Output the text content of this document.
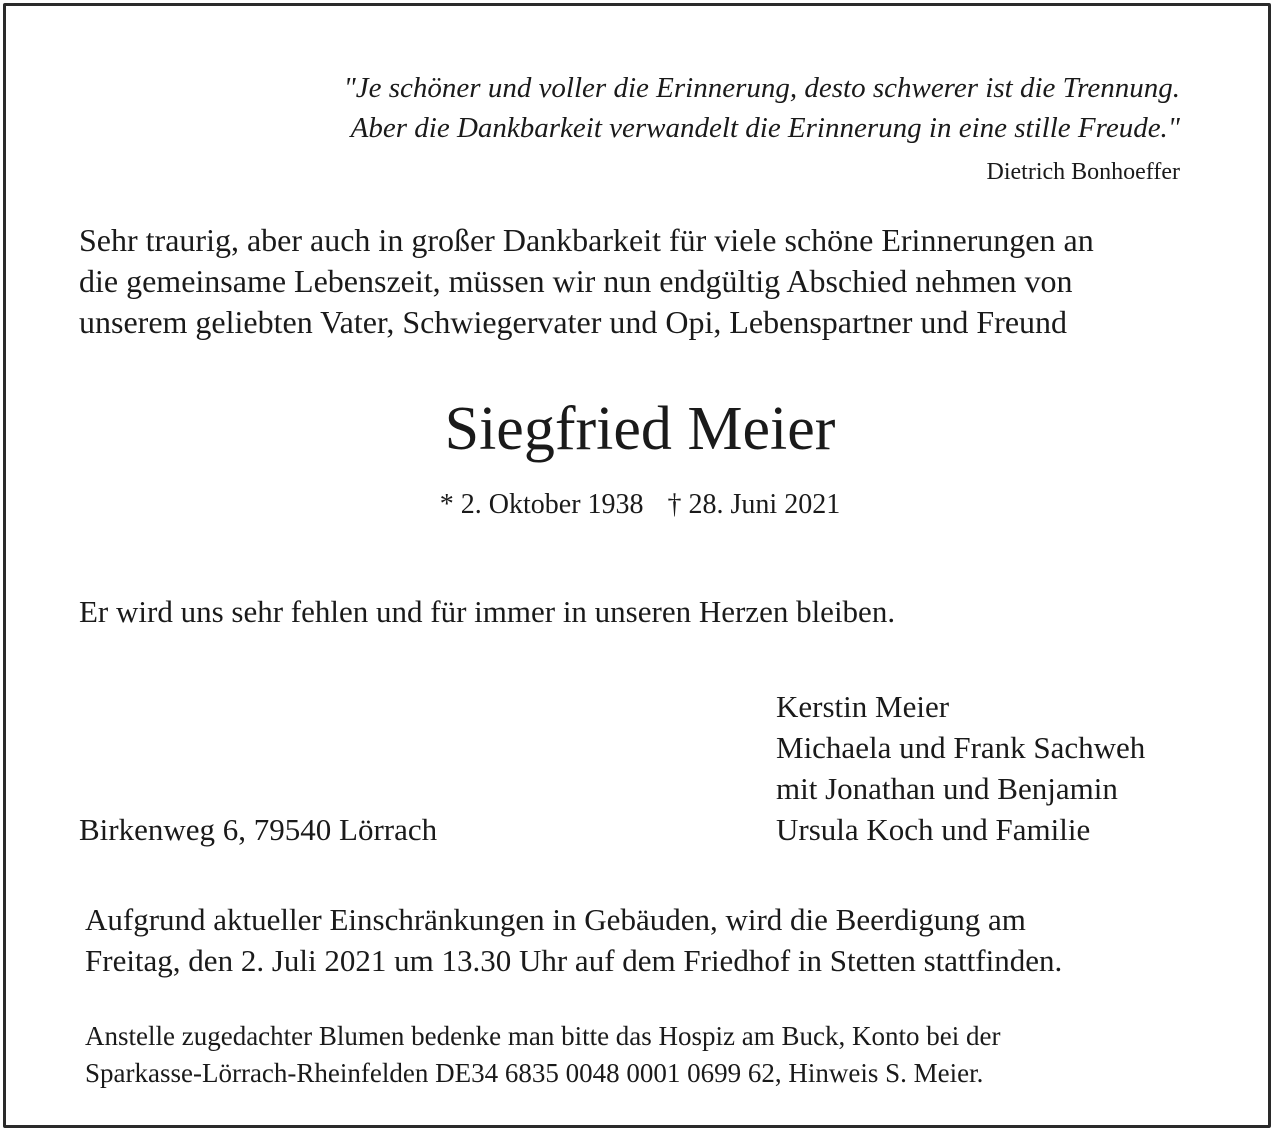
"Je schöner und voller die Erinnerung, desto schwerer ist die Trennung.
Aber die Dankbarkeit verwandelt die Erinnerung in eine stille Freude."
Dietrich Bonhoeffer
Sehr traurig, aber auch in großer Dankbarkeit für viele schöne Erinnerungen an
die gemeinsame Lebenszeit, müssen wir nun endgültig Abschied nehmen von
unserem geliebten Vater, Schwiegervater und Opi, Lebenspartner und Freund
Siegfried Meier
* 2. Oktober 1938 † 28. Juni 2021
Er wird uns sehr fehlen und für immer in unseren Herzen bleiben.
Kerstin Meier
Michaela und Frank Sachweh
mit Jonathan und Benjamin
Ursula Koch und Familie
Birkenweg 6, 79540 Lörrach
Aufgrund aktueller Einschränkungen in Gebäuden, wird die Beerdigung am
Freitag, den 2. Juli 2021 um 13.30 Uhr auf dem Friedhof in Stetten stattfinden.
Anstelle zugedachter Blumen bedenke man bitte das Hospiz am Buck, Konto bei der
Sparkasse-Lörrach-Rheinfelden DE34 6835 0048 0001 0699 62, Hinweis S. Meier.
